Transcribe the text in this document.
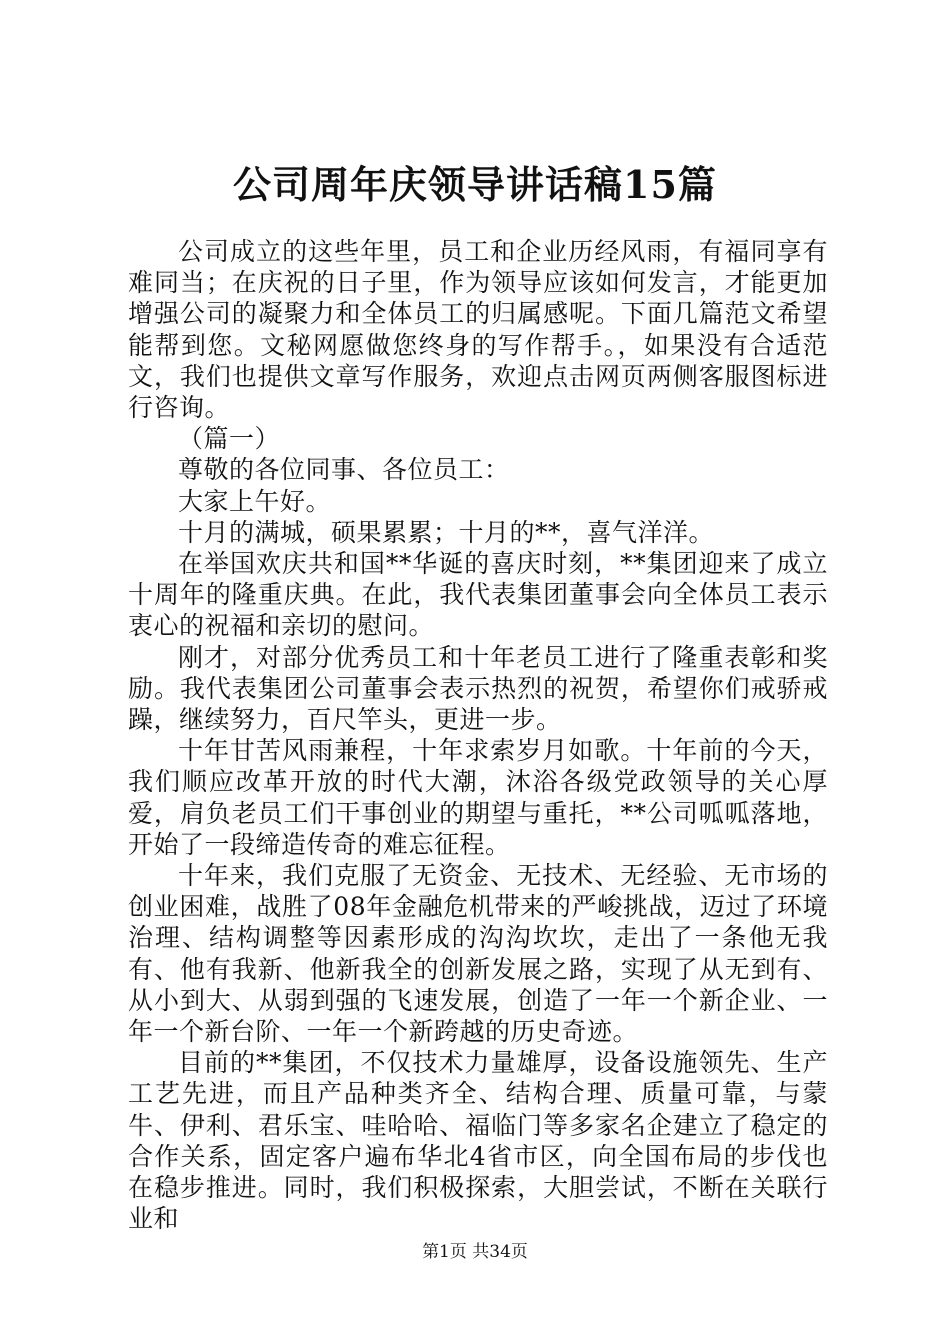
公司周年庆领导讲话稿15篇

公司成立的这些年里，员工和企业历经风雨，有福同享有难同当；在庆祝的日子里，作为领导应该如何发言，才能更加增强公司的凝聚力和全体员工的归属感呢。下面几篇范文希望能帮到您。文秘网愿做您终身的写作帮手。，如果没有合适范文，我们也提供文章写作服务，欢迎点击网页两侧客服图标进行咨询。

（篇一）

尊敬的各位同事、各位员工：

大家上午好。

十月的满城，硕果累累；十月的**，喜气洋洋。

在举国欢庆共和国**华诞的喜庆时刻，**集团迎来了成立十周年的隆重庆典。在此，我代表集团董事会向全体员工表示衷心的祝福和亲切的慰问。

刚才，对部分优秀员工和十年老员工进行了隆重表彰和奖励。我代表集团公司董事会表示热烈的祝贺，希望你们戒骄戒躁，继续努力，百尺竿头，更进一步。

十年甘苦风雨兼程，十年求索岁月如歌。十年前的今天，我们顺应改革开放的时代大潮，沐浴各级党政领导的关心厚爱，肩负老员工们干事创业的期望与重托，**公司呱呱落地，开始了一段缔造传奇的难忘征程。

十年来，我们克服了无资金、无技术、无经验、无市场的创业困难，战胜了08年金融危机带来的严峻挑战，迈过了环境治理、结构调整等因素形成的沟沟坎坎，走出了一条他无我有、他有我新、他新我全的创新发展之路，实现了从无到有、从小到大、从弱到强的飞速发展，创造了一年一个新企业、一年一个新台阶、一年一个新跨越的历史奇迹。

目前的**集团，不仅技术力量雄厚，设备设施领先、生产工艺先进，而且产品种类齐全、结构合理、质量可靠，与蒙牛、伊利、君乐宝、哇哈哈、福临门等多家名企建立了稳定的合作关系，固定客户遍布华北4省市区，向全国布局的步伐也在稳步推进。同时，我们积极探索，大胆尝试，不断在关联行业和

第1页 共34页
